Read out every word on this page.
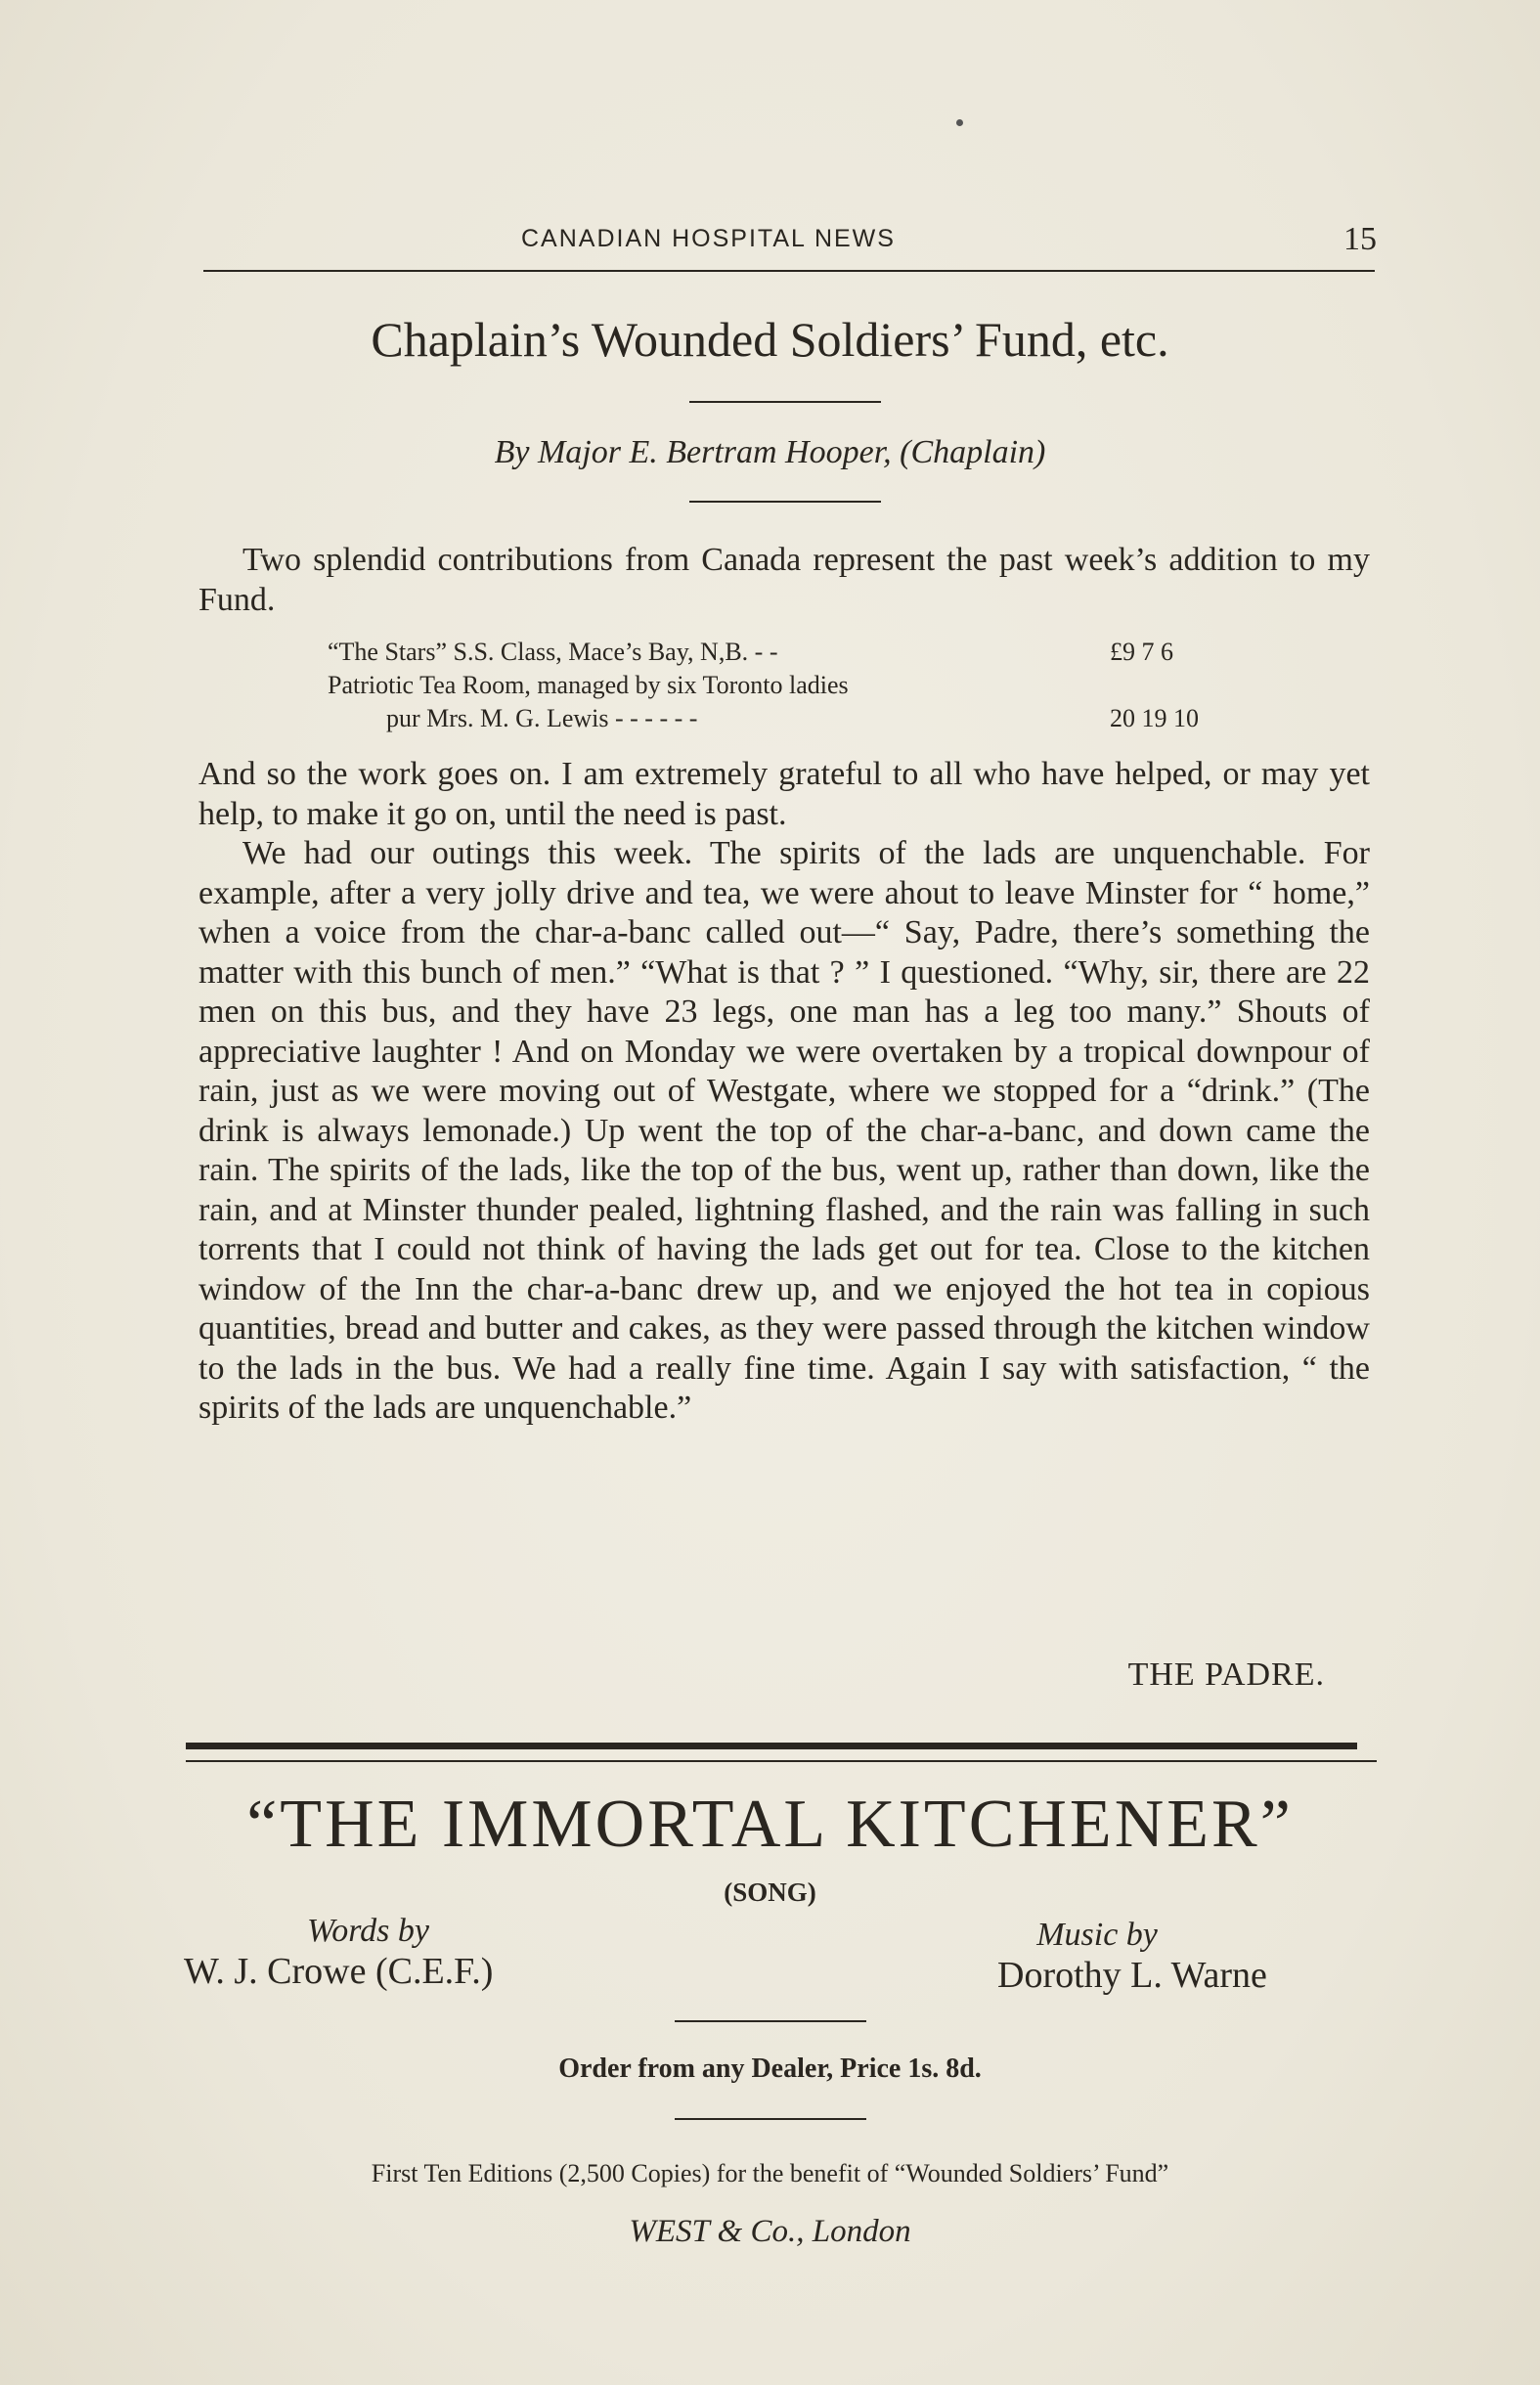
CANADIAN HOSPITAL NEWS	15
Chaplain’s Wounded Soldiers’ Fund, etc.
By Major E. Bertram Hooper, (Chaplain)

Two splendid contributions from Canada represent the past week’s addition to my Fund.

“The Stars” S.S. Class, Mace’s Bay, N,B. - -	£9 7 6
Patriotic Tea Room, managed by six Toronto ladies
pur Mrs. M. G. Lewis - - - - - -	20 19 10

And so the work goes on. I am extremely grateful to all who have helped, or may yet help, to make it go on, until the need is past.

We had our outings this week. The spirits of the lads are unquenchable. For example, after a very jolly drive and tea, we were ahout to leave Minster for “ home,” when a voice from the char-a-banc called out—“ Say, Padre, there’s something the matter with this bunch of men.” “What is that ? ” I questioned. “Why, sir, there are 22 men on this bus, and they have 23 legs, one man has a leg too many.” Shouts of appreciative laughter ! And on Monday we were overtaken by a tropical downpour of rain, just as we were moving out of Westgate, where we stopped for a “drink.” (The drink is always lemonade.) Up went the top of the char-a-banc, and down came the rain. The spirits of the lads, like the top of the bus, went up, rather than down, like the rain, and at Minster thunder pealed, lightning flashed, and the rain was falling in such torrents that I could not think of having the lads get out for tea. Close to the kitchen window of the Inn the char-a-banc drew up, and we enjoyed the hot tea in copious quantities, bread and butter and cakes, as they were passed through the kitchen window to the lads in the bus. We had a really fine time. Again I say with satisfaction, “ the spirits of the lads are unquenchable.”

THE PADRE.
“THE IMMORTAL KITCHENER”
(SONG)
Words by
W. J. Crowe (C.E.F.)
Music by
Dorothy L. Warne
Order from any Dealer, Price 1s. 8d.
First Ten Editions (2,500 Copies) for the benefit of “Wounded Soldiers’ Fund”
WEST & Co., London
